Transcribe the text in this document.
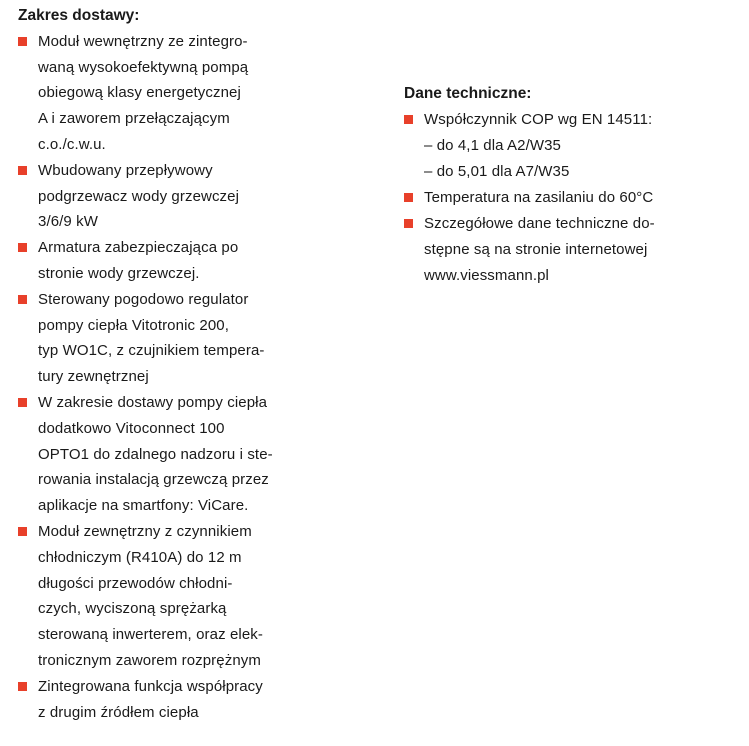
Zakres dostawy:
Moduł wewnętrzny ze zintegro-
waną wysokoefektywną pompą
obiegową klasy energetycznej
A i zaworem przełączającym
c.o./c.w.u.
Wbudowany przepływowy
podgrzewacz wody grzewczej
3/6/9 kW
Armatura zabezpieczająca po
stronie wody grzewczej.
Sterowany pogodowo regulator
pompy ciepła Vitotronic 200,
typ WO1C, z czujnikiem tempera-
tury zewnętrznej
W zakresie dostawy pompy ciepła
dodatkowo Vitoconnect 100
OPTO1 do zdalnego nadzoru i ste-
rowania instalacją grzewczą przez
aplikacje na smartfony: ViCare.
Moduł zewnętrzny z czynnikiem
chłodniczym (R410A) do 12 m
długości przewodów chłodni-
czych, wyciszoną sprężarką
sterowaną inwerterem, oraz elek-
tronicznym zaworem rozprężnym
Zintegrowana funkcja współpracy
z drugim źródłem ciepła
Dane techniczne:
Współczynnik COP wg EN 14511:
– do 4,1 dla A2/W35
– do 5,01 dla A7/W35
Temperatura na zasilaniu do 60°C
Szczegółowe dane techniczne do-
stępne są na stronie internetowej
www.viessmann.pl
